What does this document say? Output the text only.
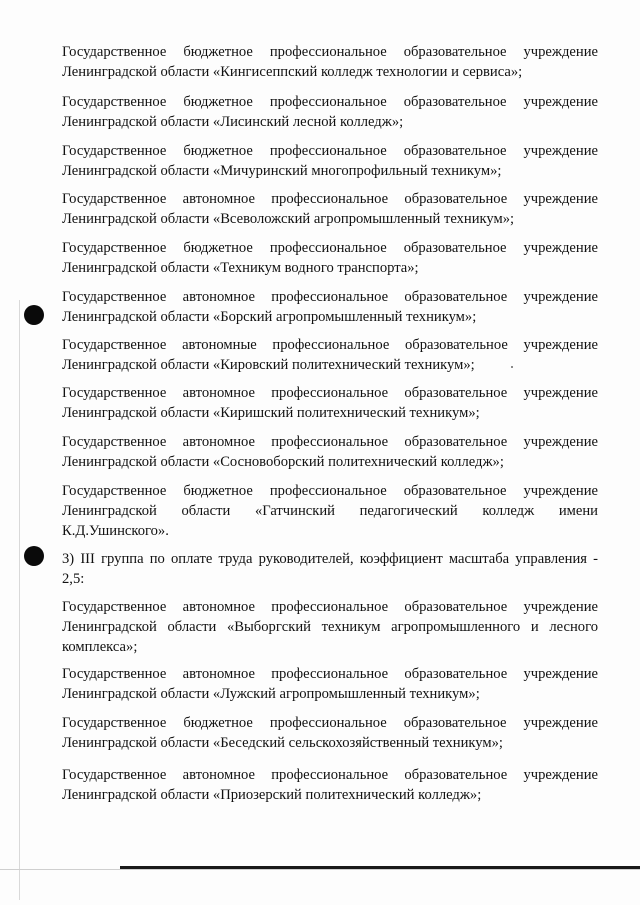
Государственное бюджетное профессиональное образовательное учреждение
Ленинградской области «Кингисеппский колледж технологии и сервиса»;
Государственное бюджетное профессиональное образовательное учреждение
Ленинградской области «Лисинский лесной колледж»;
Государственное бюджетное профессиональное образовательное учреждение
Ленинградской области «Мичуринский многопрофильный техникум»;
Государственное автономное профессиональное образовательное учреждение
Ленинградской области «Всеволожский агропромышленный техникум»;
Государственное бюджетное профессиональное образовательное учреждение
Ленинградской области «Техникум водного транспорта»;
Государственное автономное профессиональное образовательное учреждение
Ленинградской области «Борский агропромышленный техникум»;
Государственное автономные профессиональное образовательное учреждение
Ленинградской области «Кировский политехнический техникум»;
Государственное автономное профессиональное образовательное учреждение
Ленинградской области «Киришский политехнический техникум»;
Государственное автономное профессиональное образовательное учреждение
Ленинградской области «Сосновоборский политехнический колледж»;
Государственное бюджетное профессиональное образовательное учреждение
Ленинградской области «Гатчинский педагогический колледж имени
К.Д.Ушинского».
3) III группа по оплате труда руководителей, коэффициент масштаба управления -
2,5:
Государственное автономное профессиональное образовательное учреждение
Ленинградской области «Выборгский техникум агропромышленного и лесного
комплекса»;
Государственное автономное профессиональное образовательное учреждение
Ленинградской области «Лужский агропромышленный техникум»;
Государственное бюджетное профессиональное образовательное учреждение
Ленинградской области «Беседский сельскохозяйственный техникум»;
Государственное автономное профессиональное образовательное учреждение
Ленинградской области «Приозерский политехнический колледж»;
